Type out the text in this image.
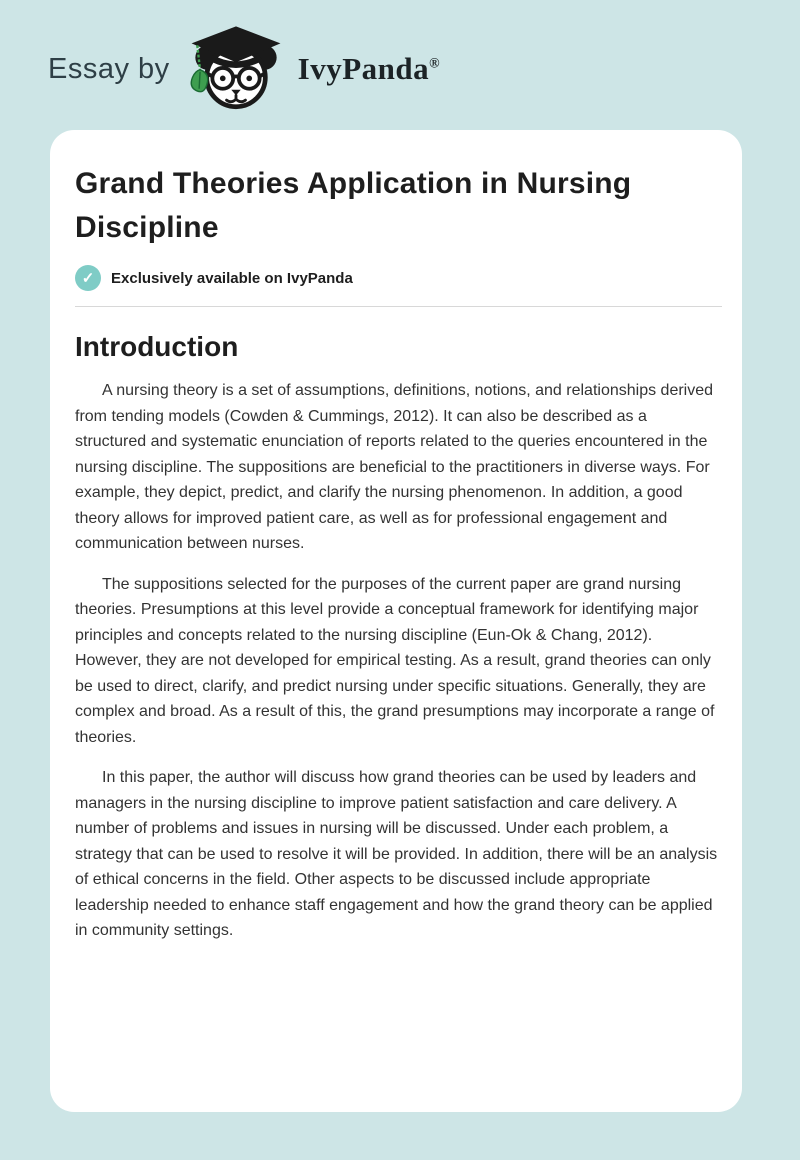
Essay by	IvyPanda®
Grand Theories Application in Nursing Discipline
✓	Exclusively available on IvyPanda
Introduction

A nursing theory is a set of assumptions, definitions, notions, and relationships derived from tending models (Cowden & Cummings, 2012). It can also be described as a structured and systematic enunciation of reports related to the queries encountered in the nursing discipline. The suppositions are beneficial to the practitioners in diverse ways. For example, they depict, predict, and clarify the nursing phenomenon. In addition, a good theory allows for improved patient care, as well as for professional engagement and communication between nurses.

The suppositions selected for the purposes of the current paper are grand nursing theories. Presumptions at this level provide a conceptual framework for identifying major principles and concepts related to the nursing discipline (Eun-Ok & Chang, 2012). However, they are not developed for empirical testing. As a result, grand theories can only be used to direct, clarify, and predict nursing under specific situations. Generally, they are complex and broad. As a result of this, the grand presumptions may incorporate a range of theories.

In this paper, the author will discuss how grand theories can be used by leaders and managers in the nursing discipline to improve patient satisfaction and care delivery. A number of problems and issues in nursing will be discussed. Under each problem, a strategy that can be used to resolve it will be provided. In addition, there will be an analysis of ethical concerns in the field. Other aspects to be discussed include appropriate leadership needed to enhance staff engagement and how the grand theory can be applied in community settings.
